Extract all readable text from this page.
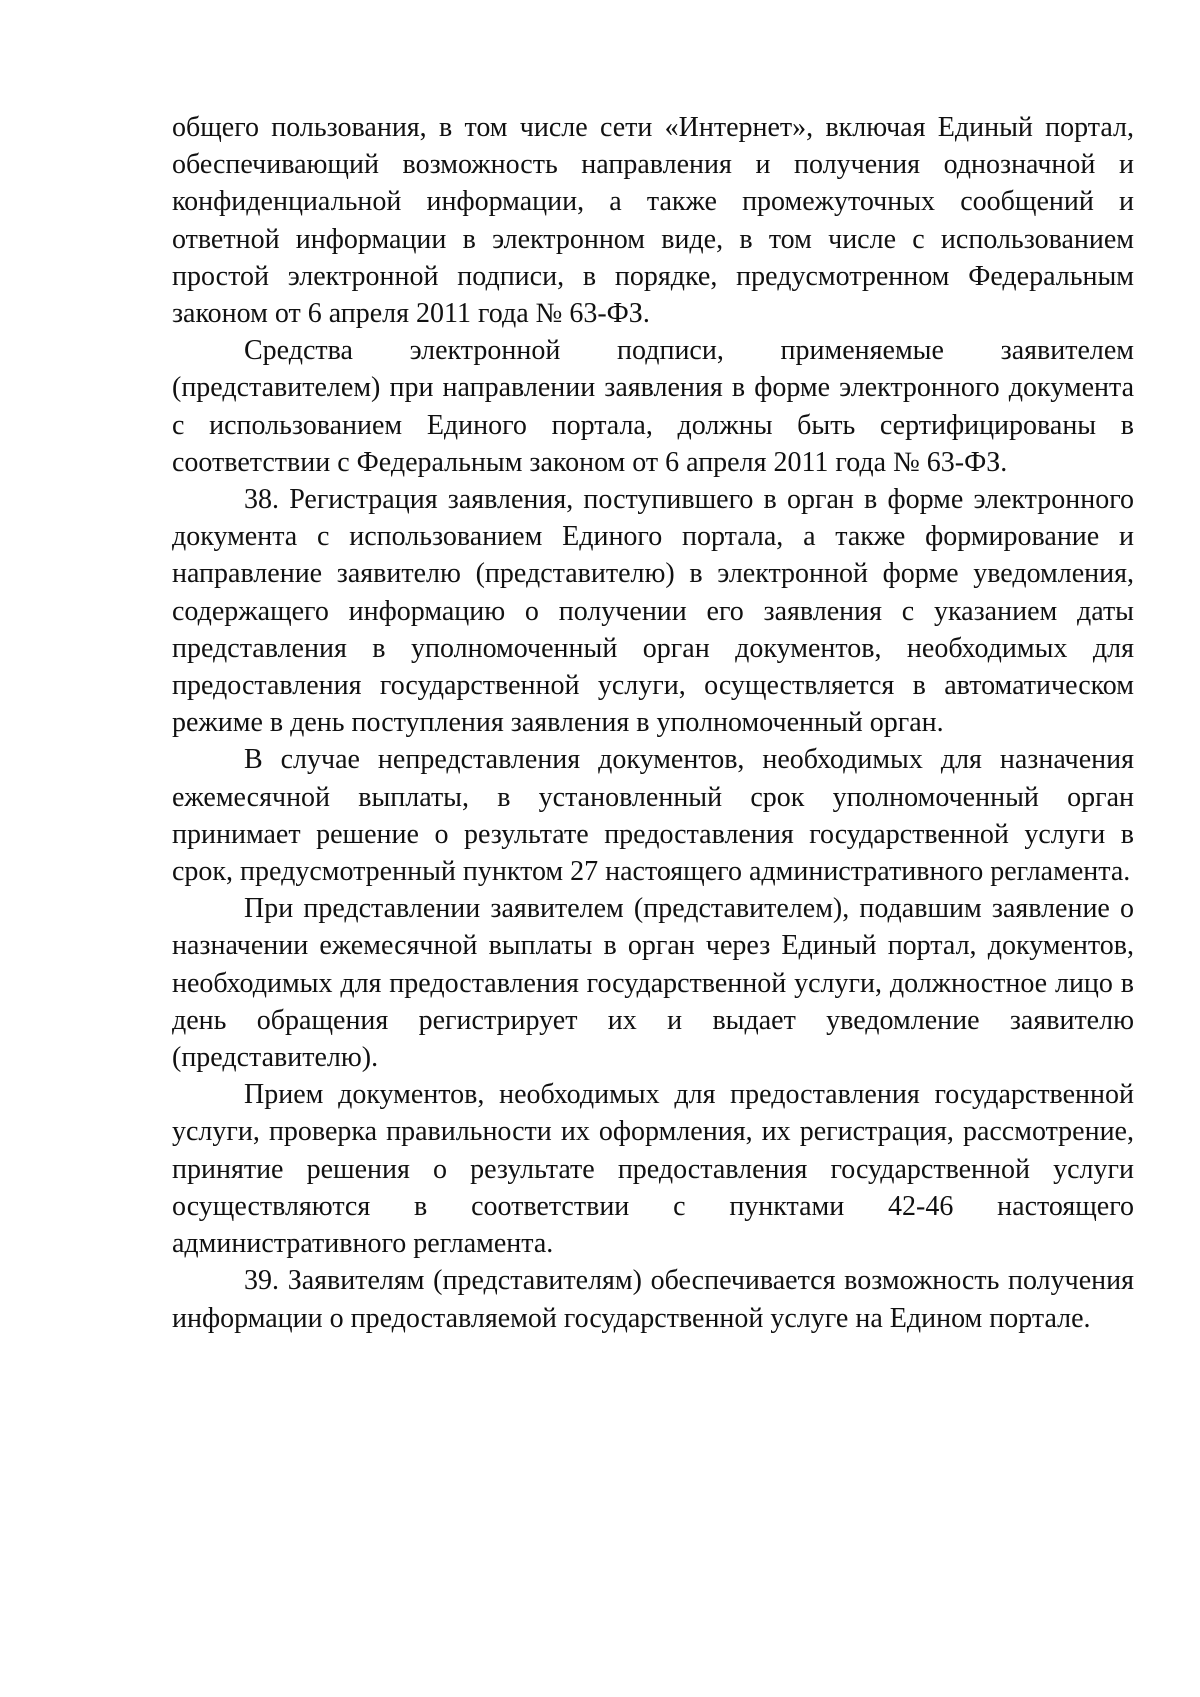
общего пользования, в том числе сети «Интернет», включая Единый портал, обеспечивающий возможность направления и получения однозначной и конфиденциальной информации, а также промежуточных сообщений и ответной информации в электронном виде, в том числе с использованием простой электронной подписи, в порядке, предусмотренном Федеральным законом от 6 апреля 2011 года № 63-ФЗ.

Средства электронной подписи, применяемые заявителем (представителем) при направлении заявления в форме электронного документа с использованием Единого портала, должны быть сертифицированы в соответствии с Федеральным законом от 6 апреля 2011 года № 63-ФЗ.

38. Регистрация заявления, поступившего в орган в форме электронного документа с использованием Единого портала, а также формирование и направление заявителю (представителю) в электронной форме уведомления, содержащего информацию о получении его заявления с указанием даты представления в уполномоченный орган документов, необходимых для предоставления государственной услуги, осуществляется в автоматическом режиме в день поступления заявления в уполномоченный орган.

В случае непредставления документов, необходимых для назначения ежемесячной выплаты, в установленный срок уполномоченный орган принимает решение о результате предоставления государственной услуги в срок, предусмотренный пунктом 27 настоящего административного регламента.

При представлении заявителем (представителем), подавшим заявление о назначении ежемесячной выплаты в орган через Единый портал, документов, необходимых для предоставления государственной услуги, должностное лицо в день обращения регистрирует их и выдает уведомление заявителю (представителю).

Прием документов, необходимых для предоставления государственной услуги, проверка правильности их оформления, их регистрация, рассмотрение, принятие решения о результате предоставления государственной услуги осуществляются в соответствии с пунктами 42-46 настоящего административного регламента.

39. Заявителям (представителям) обеспечивается возможность получения информации о предоставляемой государственной услуге на Едином портале.
